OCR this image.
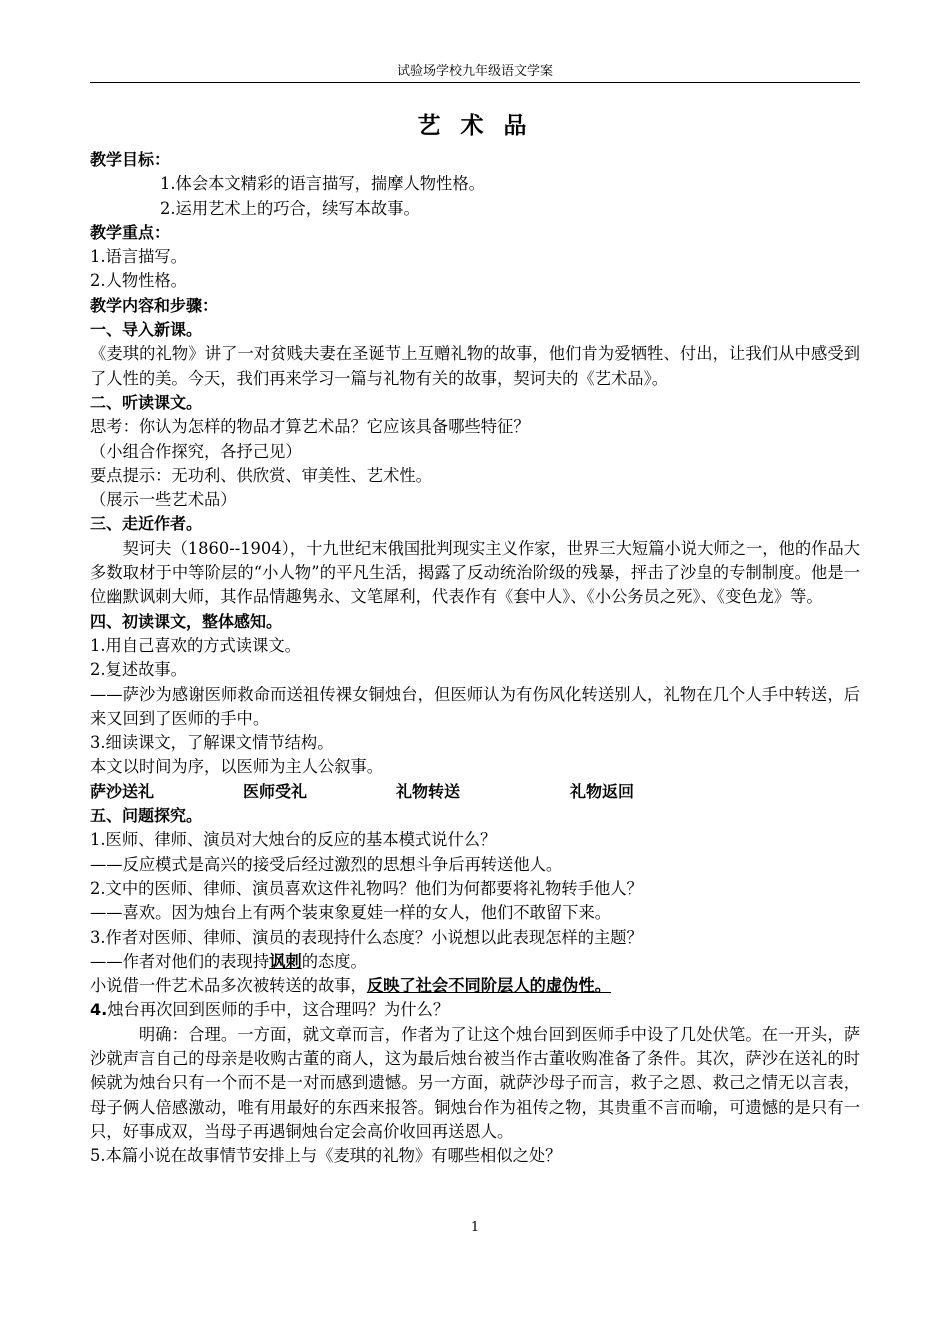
试验场学校九年级语文学案
艺 术 品

教学目标：

1.体会本文精彩的语言描写，揣摩人物性格。

2.运用艺术上的巧合，续写本故事。

教学重点：

1.语言描写。

2.人物性格。

教学内容和步骤：

一、导入新课。

《麦琪的礼物》讲了一对贫贱夫妻在圣诞节上互赠礼物的故事，他们肯为爱牺牲、付出，让我们从中感受到了人性的美。今天，我们再来学习一篇与礼物有关的故事，契诃夫的《艺术品》。

二、听读课文。

思考：你认为怎样的物品才算艺术品？它应该具备哪些特征？

（小组合作探究，各抒己见）

要点提示：无功利、供欣赏、审美性、艺术性。

（展示一些艺术品）

三、走近作者。

契诃夫（1860--1904），十九世纪末俄国批判现实主义作家，世界三大短篇小说大师之一，他的作品大多数取材于中等阶层的“小人物”的平凡生活，揭露了反动统治阶级的残暴，抨击了沙皇的专制制度。他是一位幽默讽刺大师，其作品情趣隽永、文笔犀利，代表作有《套中人》、《小公务员之死》、《变色龙》等。

四、初读课文，整体感知。

1.用自己喜欢的方式读课文。

2.复述故事。

——萨沙为感谢医师救命而送祖传裸女铜烛台，但医师认为有伤风化转送别人，礼物在几个人手中转送，后来又回到了医师的手中。

3.细读课文，了解课文情节结构。

本文以时间为序，以医师为主人公叙事。

萨沙送礼	医师受礼	礼物转送	礼物返回

五、问题探究。

1.医师、律师、演员对大烛台的反应的基本模式说什么？

——反应模式是高兴的接受后经过激烈的思想斗争后再转送他人。

2.文中的医师、律师、演员喜欢这件礼物吗？他们为何都要将礼物转手他人？

——喜欢。因为烛台上有两个装束象夏娃一样的女人，他们不敢留下来。

3.作者对医师、律师、演员的表现持什么态度？小说想以此表现怎样的主题？

——作者对他们的表现持讽刺的态度。

小说借一件艺术品多次被转送的故事，反映了社会不同阶层人的虚伪性。

4.烛台再次回到医师的手中，这合理吗？为什么？

明确：合理。一方面，就文章而言，作者为了让这个烛台回到医师手中设了几处伏笔。在一开头，萨沙就声言自己的母亲是收购古董的商人，这为最后烛台被当作古董收购准备了条件。其次，萨沙在送礼的时候就为烛台只有一个而不是一对而感到遗憾。另一方面，就萨沙母子而言，救子之恩、救己之情无以言表，母子俩人倍感激动，唯有用最好的东西来报答。铜烛台作为祖传之物，其贵重不言而喻，可遗憾的是只有一只，好事成双，当母子再遇铜烛台定会高价收回再送恩人。

5.本篇小说在故事情节安排上与《麦琪的礼物》有哪些相似之处？

1
